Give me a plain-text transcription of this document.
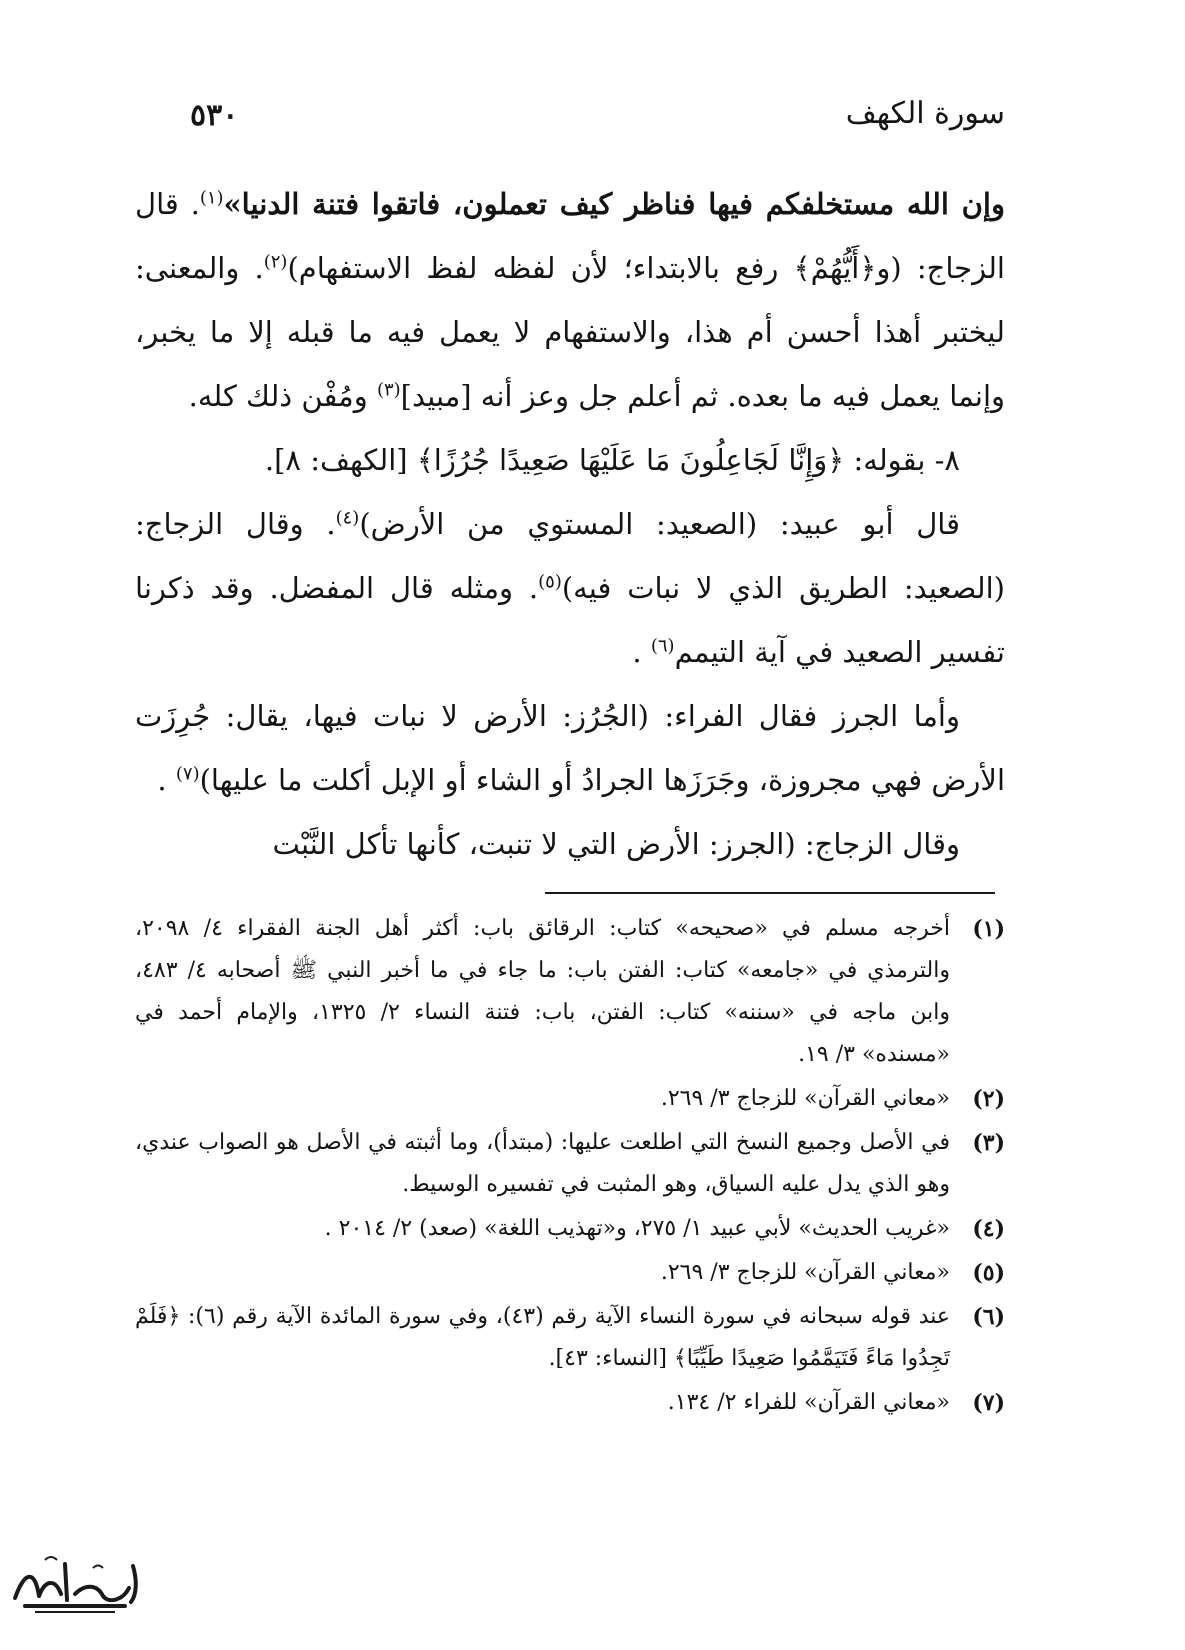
٥٣٠	سورة الكهف

وإن الله مستخلفكم فيها فناظر كيف تعملون، فاتقوا فتنة الدنيا»$^{(١)}$. قال الزجاج: (و﴿أَيُّهُمْ﴾ رفع بالابتداء؛ لأن لفظه لفظ الاستفهام)$^{(٢)}$. والمعنى: ليختبر أهذا أحسن أم هذا، والاستفهام لا يعمل فيه ما قبله إلا ما يخبر، وإنما يعمل فيه ما بعده. ثم أعلم جل وعز أنه [مبيد]$^{(٣)}$ ومُفْن ذلك كله.

٨- بقوله: ﴿وَإِنَّا لَجَاعِلُونَ مَا عَلَيْهَا صَعِيدًا جُرُزًا﴾ [الكهف: ٨].

قال أبو عبيد: (الصعيد: المستوي من الأرض)$^{(٤)}$. وقال الزجاج: (الصعيد: الطريق الذي لا نبات فيه)$^{(٥)}$. ومثله قال المفضل. وقد ذكرنا تفسير الصعيد في آية التيمم$^{(٦)}$ .

وأما الجرز فقال الفراء: (الجُرُز: الأرض لا نبات فيها، يقال: جُرِزَت الأرض فهي مجروزة، وجَرَزَها الجرادُ أو الشاء أو الإبل أكلت ما عليها)$^{(٧)}$ .

وقال الزجاج: (الجرز: الأرض التي لا تنبت، كأنها تأكل النَّبْت

(١)
أخرجه مسلم في «صحيحه» كتاب: الرقائق باب: أكثر أهل الجنة الفقراء ٤/ ٢٠٩٨، والترمذي في «جامعه» كتاب: الفتن باب: ما جاء في ما أخبر النبي ﷺ أصحابه ٤/ ٤٨٣، وابن ماجه في «سننه» كتاب: الفتن، باب: فتنة النساء ٢/ ١٣٢٥، والإمام أحمد في «مسنده» ٣/ ١٩.
(٢)
«معاني القرآن» للزجاج ٣/ ٢٦٩.
(٣)
في الأصل وجميع النسخ التي اطلعت عليها: (مبتدأ)، وما أثبته في الأصل هو الصواب عندي، وهو الذي يدل عليه السياق، وهو المثبت في تفسيره الوسيط.
(٤)
«غريب الحديث» لأبي عبيد ١/ ٢٧٥، و«تهذيب اللغة» (صعد) ٢/ ٢٠١٤ .
(٥)
«معاني القرآن» للزجاج ٣/ ٢٦٩.
(٦)
عند قوله سبحانه في سورة النساء الآية رقم (٤٣)، وفي سورة المائدة الآية رقم (٦): ﴿فَلَمْ تَجِدُوا مَاءً فَتَيَمَّمُوا صَعِيدًا طَيِّبًا﴾ [النساء: ٤٣].
(٧)
«معاني القرآن» للفراء ٢/ ١٣٤.
